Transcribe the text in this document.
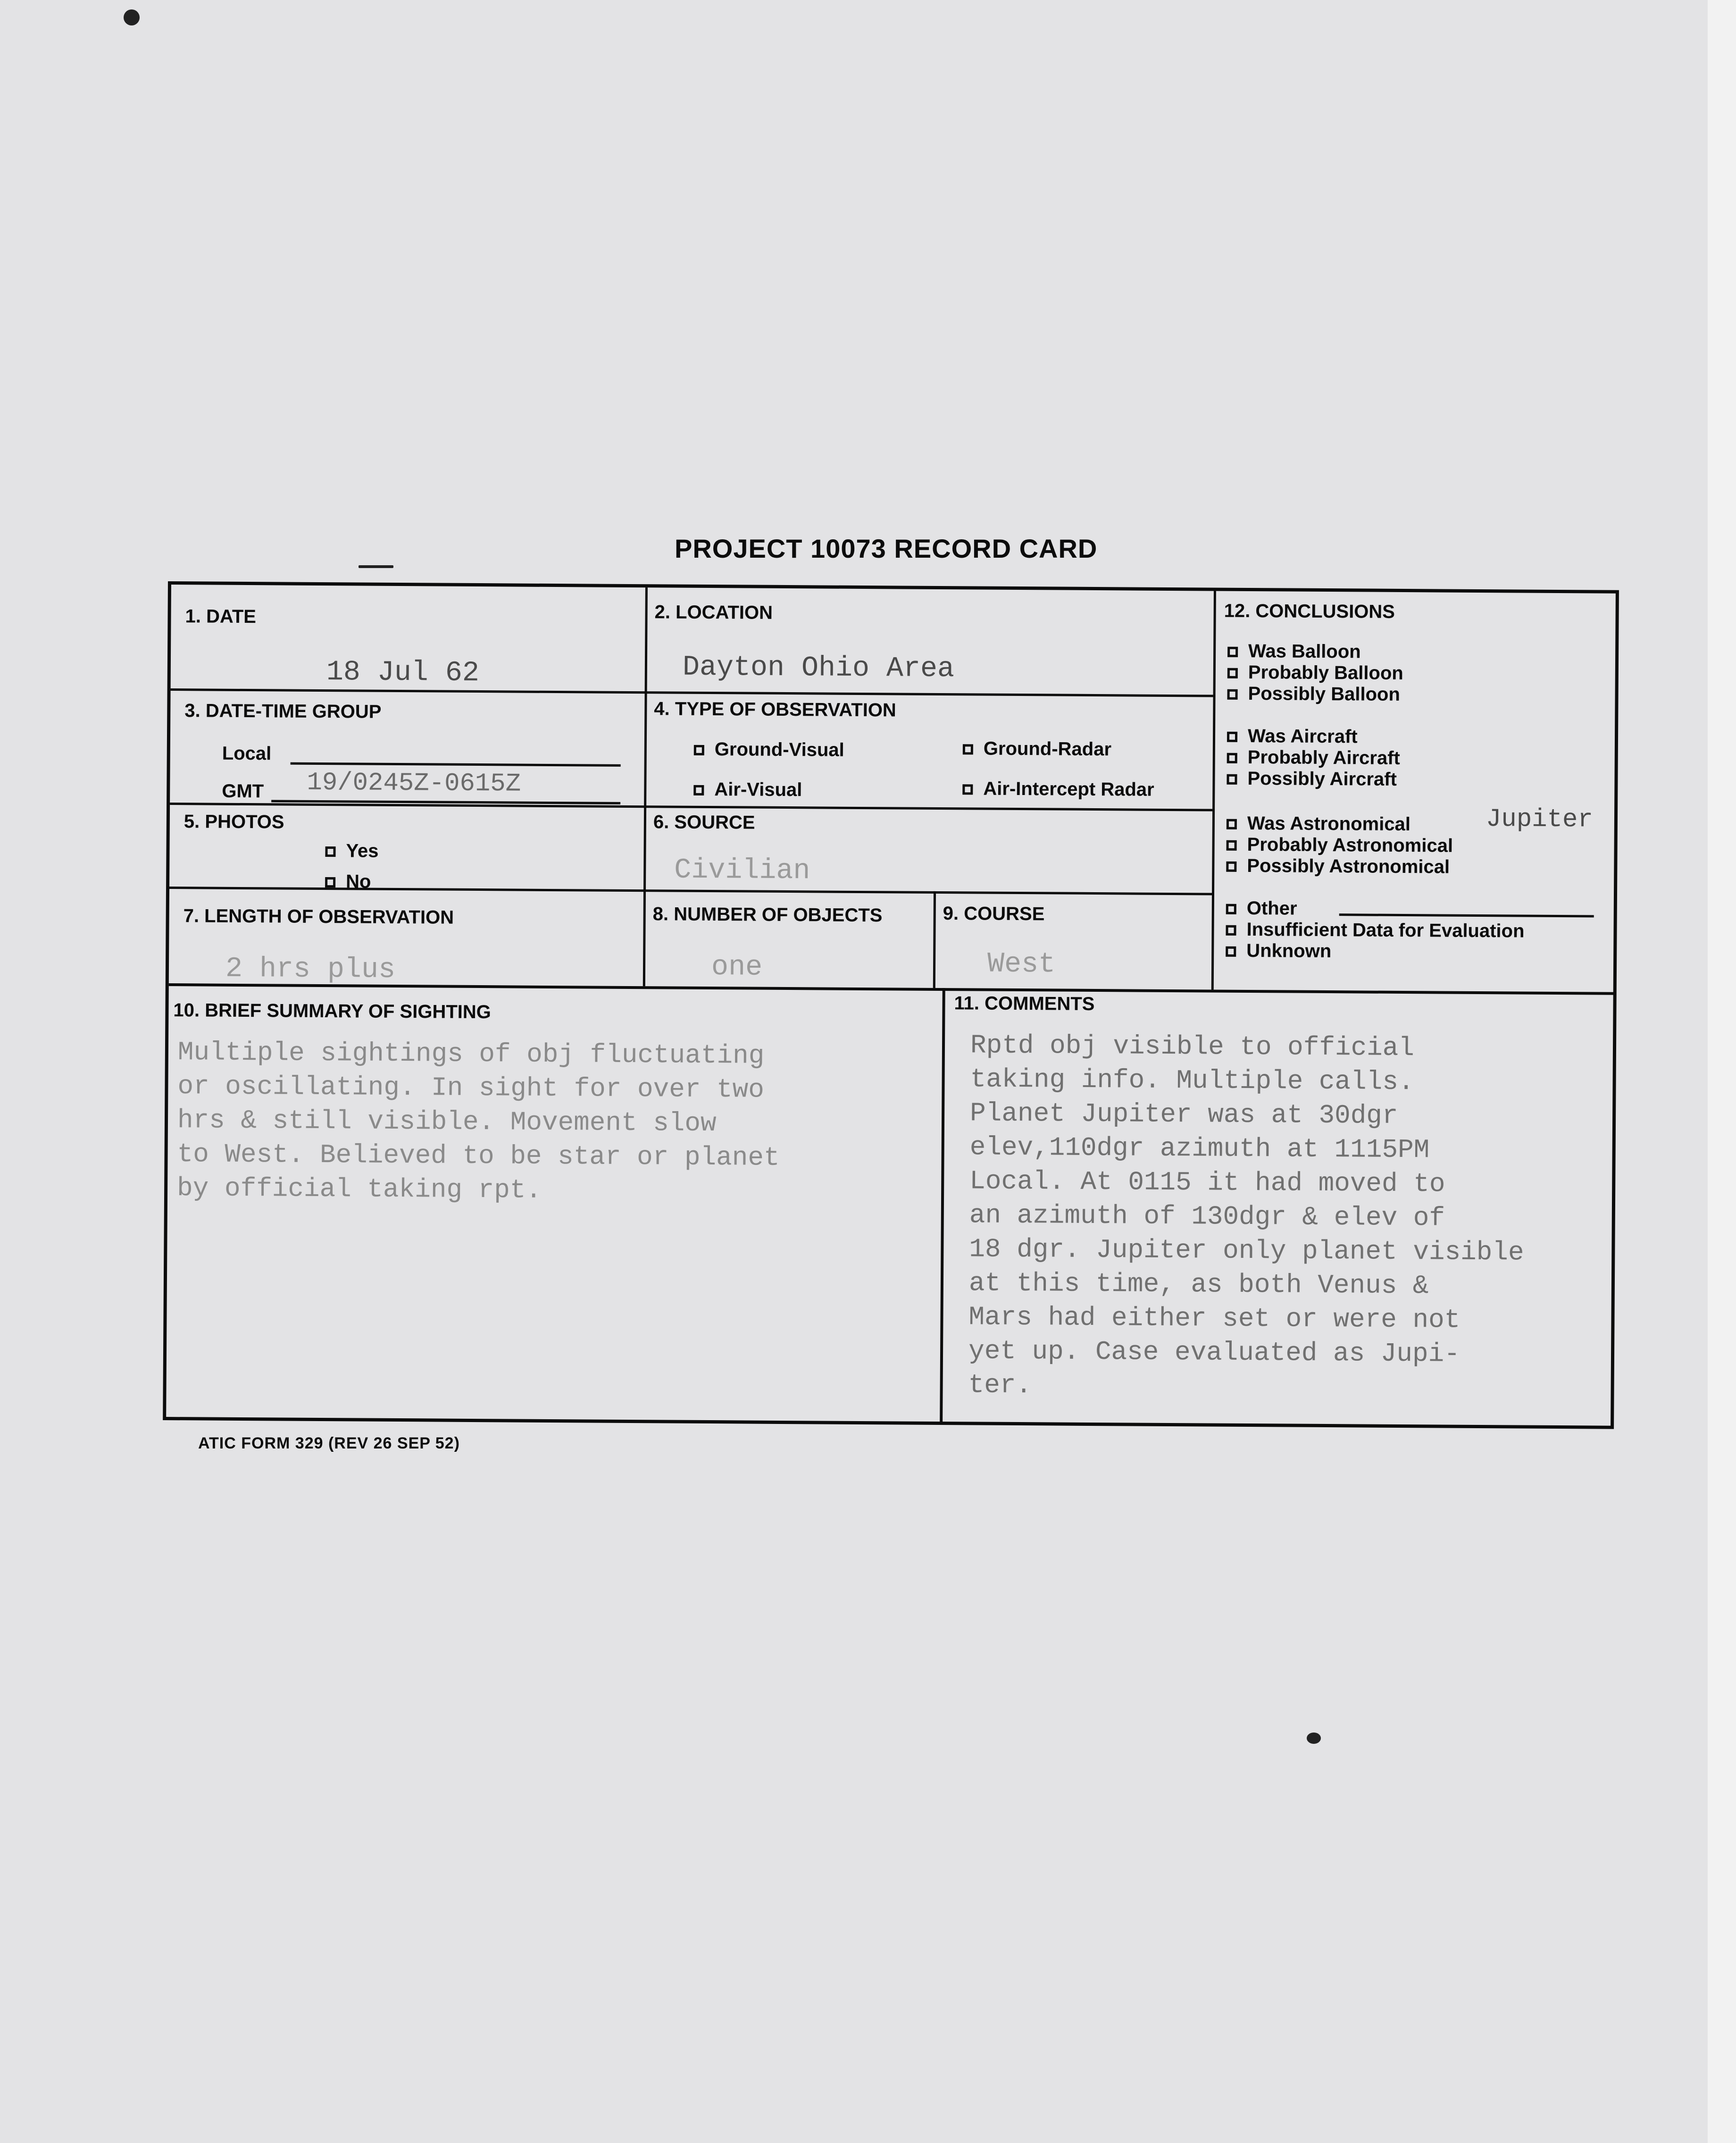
PROJECT 10073 RECORD CARD
1. DATE
18 Jul 62
2. LOCATION
Dayton Ohio Area
3. DATE-TIME GROUP
Local
GMT 19/0245Z-0615Z
4. TYPE OF OBSERVATION
Ground-Visual	Ground-Radar
Air-Visual	Air-Intercept Radar
5. PHOTOS
Yes
No
6. SOURCE
Civilian
7. LENGTH OF OBSERVATION
2 hrs plus
8. NUMBER OF OBJECTS
one
9. COURSE
West
10. BRIEF SUMMARY OF SIGHTING
Multiple sightings of obj fluctuating
or oscillating. In sight for over two
hrs & still visible. Movement slow
to West. Believed to be star or planet
by official taking rpt.
11. COMMENTS
Rptd obj visible to official
taking info. Multiple calls.
Planet Jupiter was at 30dgr
elev,110dgr azimuth at 1115PM
Local. At 0115 it had moved to
an azimuth of 130dgr & elev of
18 dgr. Jupiter only planet visible
at this time, as both Venus &
Mars had either set or were not
yet up. Case evaluated as Jupi-
ter.
12. CONCLUSIONS
Was Balloon
Probably Balloon
Possibly Balloon
Was Aircraft
Probably Aircraft
Possibly Aircraft
Was Astronomical	Jupiter
Probably Astronomical
Possibly Astronomical
Other
Insufficient Data for Evaluation
Unknown
ATIC FORM 329 (REV 26 SEP 52)
